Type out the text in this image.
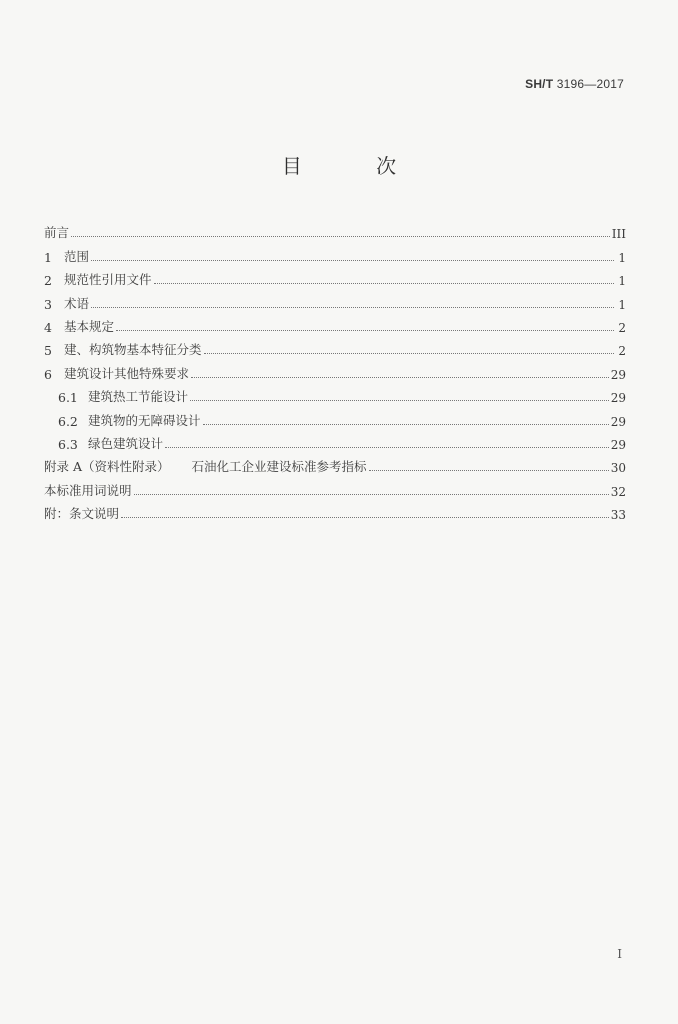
SH/T 3196—2017
目 次
前言	III
1 范围	1
2 规范性引用文件	1
3 术语	1
4 基本规定	2
5 建、构筑物基本特征分类	2
6 建筑设计其他特殊要求	29
6.1 建筑热工节能设计	29
6.2 建筑物的无障碍设计	29
6.3 绿色建筑设计	29
附录 A（资料性附录） 石油化工企业建设标准参考指标	30
本标准用词说明	32
附：条文说明	33
I
